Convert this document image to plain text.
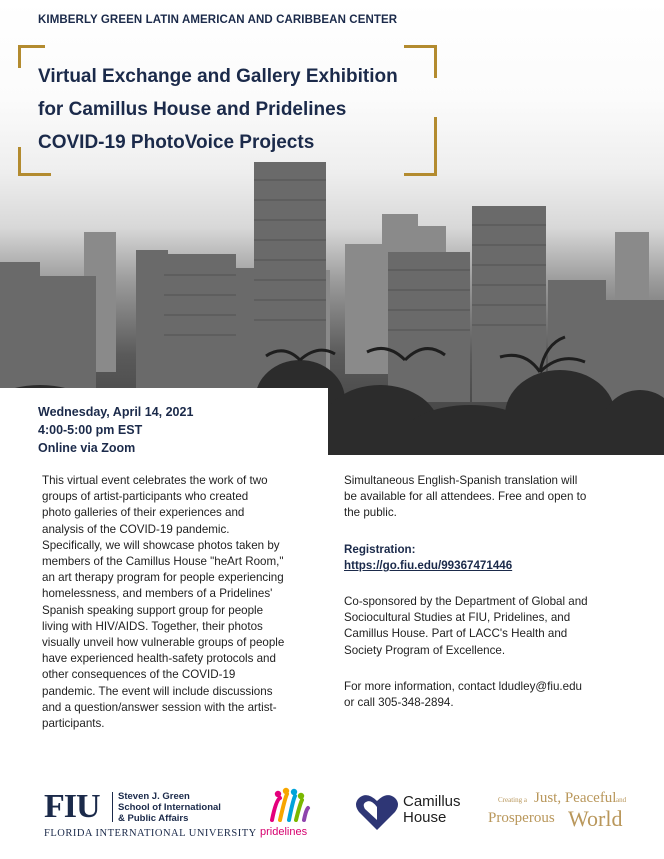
KIMBERLY GREEN LATIN AMERICAN AND CARIBBEAN CENTER
Virtual Exchange and Gallery Exhibition
for Camillus House and Pridelines
COVID-19 PhotoVoice Projects
Wednesday, April 14, 2021
4:00-5:00 pm EST
Online via Zoom
This virtual event celebrates the work of two
groups of artist-participants who created
photo galleries of their experiences and
analysis of the COVID-19 pandemic.
Specifically, we will showcase photos taken by
members of the Camillus House "heArt Room,"
an art therapy program for people experiencing
homelessness, and members of a Pridelines'
Spanish speaking support group for people
living with HIV/AIDS. Together, their photos
visually unveil how vulnerable groups of people
have experienced health-safety protocols and
other consequences of the COVID-19
pandemic. The event will include discussions
and a question/answer session with the artist-
participants.
Simultaneous English-Spanish translation will
be available for all attendees. Free and open to
the public.
Registration:
https://go.fiu.edu/99367471446
Co-sponsored by the Department of Global and
Sociocultural Studies at FIU, Pridelines, and
Camillus House. Part of LACC's Health and
Society Program of Excellence.
For more information, contact ldudley@fiu.edu
or call 305-348-2894.
FIU Steven J. Green
School of International
& Public Affairs
FLORIDA INTERNATIONAL UNIVERSITY pridelines
Camillus
House
Creating a Just, Peaceful and
Prosperous World
